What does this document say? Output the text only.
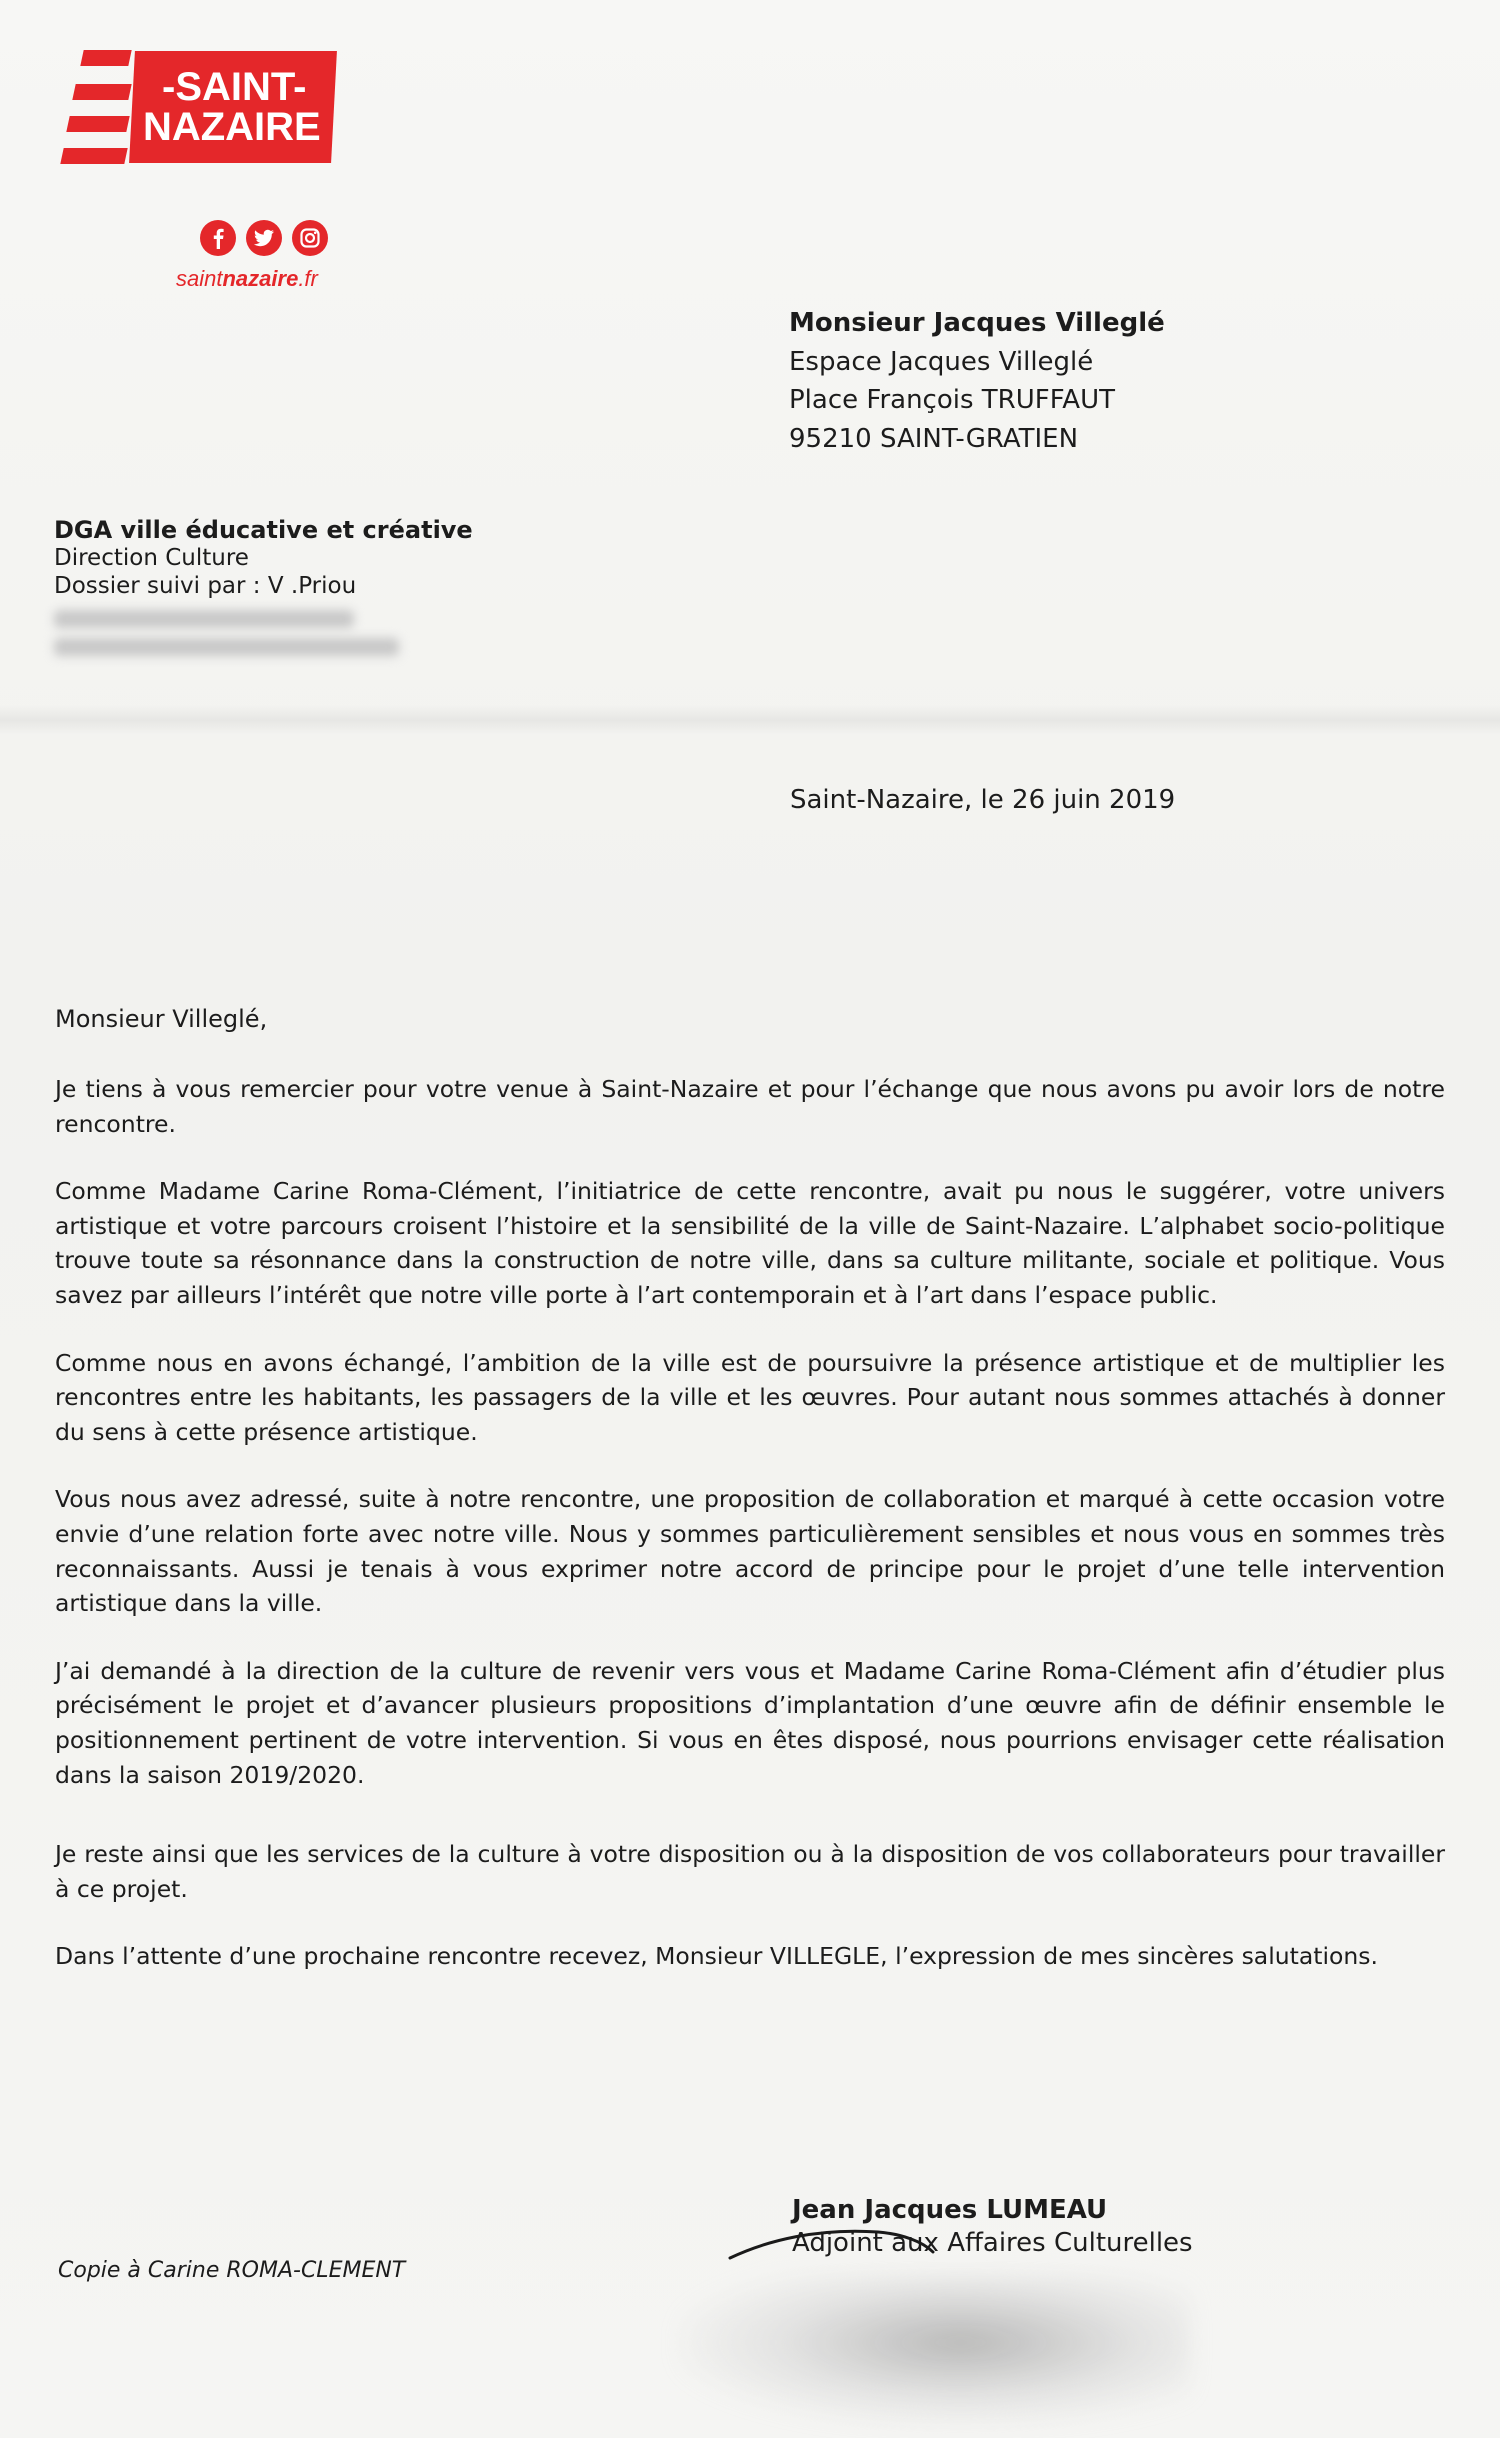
-SAINT-
NAZAIRE
saintnazaire.fr
Monsieur Jacques Villeglé
Espace Jacques Villeglé
Place François TRUFFAUT
95210 SAINT-GRATIEN
DGA ville éducative et créative
Direction Culture
Dossier suivi par : V .Priou
Saint-Nazaire, le 26 juin 2019
Monsieur Villeglé,

Je tiens à vous remercier pour votre venue à Saint-Nazaire et pour l’échange que nous avons pu avoir lors de notre rencontre.

Comme Madame Carine Roma-Clément, l’initiatrice de cette rencontre, avait pu nous le suggérer, votre univers artistique et votre parcours croisent l’histoire et la sensibilité de la ville de Saint-Nazaire. L’alphabet socio-politique trouve toute sa résonnance dans la construction de notre ville, dans sa culture militante, sociale et politique. Vous savez par ailleurs l’intérêt que notre ville porte à l’art contemporain et à l’art dans l’espace public.

Comme nous en avons échangé, l’ambition de la ville est de poursuivre la présence artistique et de multiplier les rencontres entre les habitants, les passagers de la ville et les œuvres. Pour autant nous sommes attachés à donner du sens à cette présence artistique.

Vous nous avez adressé, suite à notre rencontre, une proposition de collaboration et marqué à cette occasion votre envie d’une relation forte avec notre ville. Nous y sommes particulièrement sensibles et nous vous en sommes très reconnaissants. Aussi je tenais à vous exprimer notre accord de principe pour le projet d’une telle intervention artistique dans la ville.

J’ai demandé à la direction de la culture de revenir vers vous et Madame Carine Roma-Clément afin d’étudier plus précisément le projet et d’avancer plusieurs propositions d’implantation d’une œuvre afin de définir ensemble le positionnement pertinent de votre intervention. Si vous en êtes disposé, nous pourrions envisager cette réalisation dans la saison 2019/2020.

Je reste ainsi que les services de la culture à votre disposition ou à la disposition de vos collaborateurs pour travailler à ce projet.

Dans l’attente d’une prochaine rencontre recevez, Monsieur VILLEGLE, l’expression de mes sincères salutations.

Jean Jacques LUMEAU
Adjoint aux Affaires Culturelles
Copie à Carine ROMA-CLEMENT
